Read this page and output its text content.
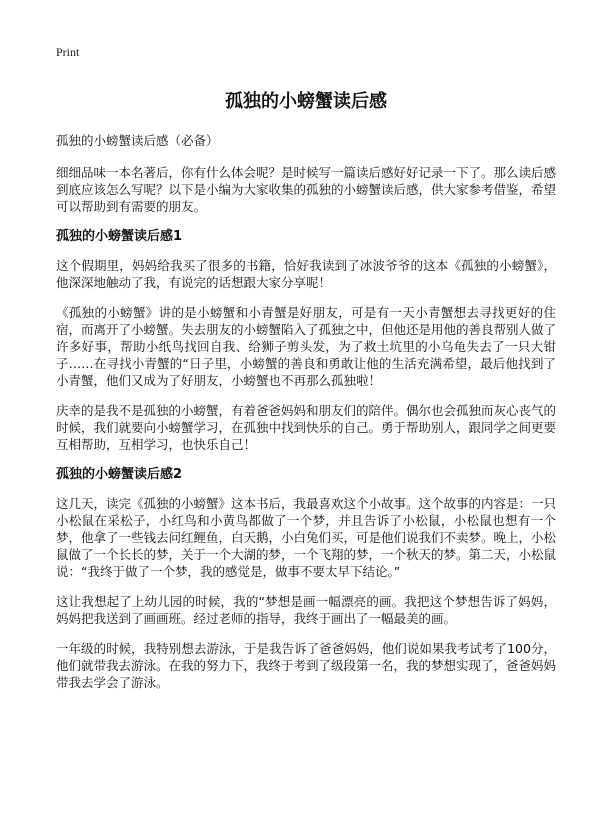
Print
孤独的小螃蟹读后感
孤独的小螃蟹读后感（必备）

细细品味一本名著后，你有什么体会呢？是时候写一篇读后感好好记录一下了。那么读后感到底应该怎么写呢？以下是小编为大家收集的孤独的小螃蟹读后感，供大家参考借鉴，希望可以帮助到有需要的朋友。

孤独的小螃蟹读后感1

这个假期里，妈妈给我买了很多的书籍，恰好我读到了冰波爷爷的这本《孤独的小螃蟹》，他深深地触动了我，有说完的话想跟大家分享呢！

《孤独的小螃蟹》讲的是小螃蟹和小青蟹是好朋友，可是有一天小青蟹想去寻找更好的住宿，而离开了小螃蟹。失去朋友的小螃蟹陷入了孤独之中，但他还是用他的善良帮别人做了许多好事，帮助小纸鸟找回自我、给狮子剪头发，为了救土坑里的小乌龟失去了一只大钳子……在寻找小青蟹的“日子里，小螃蟹的善良和勇敢让他的生活充满希望，最后他找到了小青蟹，他们又成为了好朋友，小螃蟹也不再那么孤独啦！

庆幸的是我不是孤独的小螃蟹，有着爸爸妈妈和朋友们的陪伴。偶尔也会孤独而灰心丧气的时候，我们就要向小螃蟹学习，在孤独中找到快乐的自己。勇于帮助别人，跟同学之间更要互相帮助，互相学习，也快乐自己！

孤独的小螃蟹读后感2

这几天，读完《孤独的小螃蟹》这本书后，我最喜欢这个小故事。这个故事的内容是：一只小松鼠在采松子，小红鸟和小黄鸟都做了一个梦，并且告诉了小松鼠，小松鼠也想有一个梦，他拿了一些钱去问红鲤鱼，白天鹅，小白兔们买，可是他们说我们不卖梦。晚上，小松鼠做了一个长长的梦，关于一个大湖的梦，一个飞翔的梦，一个秋天的梦。第二天，小松鼠说：“我终于做了一个梦，我的感觉是，做事不要太早下结论。”

这让我想起了上幼儿园的时候，我的“梦想是画一幅漂亮的画。我把这个梦想告诉了妈妈，妈妈把我送到了画画班。经过老师的指导，我终于画出了一幅最美的画。

一年级的时候，我特别想去游泳，于是我告诉了爸爸妈妈，他们说如果我考试考了100分，他们就带我去游泳。在我的努力下，我终于考到了级段第一名，我的梦想实现了，爸爸妈妈带我去学会了游泳。
